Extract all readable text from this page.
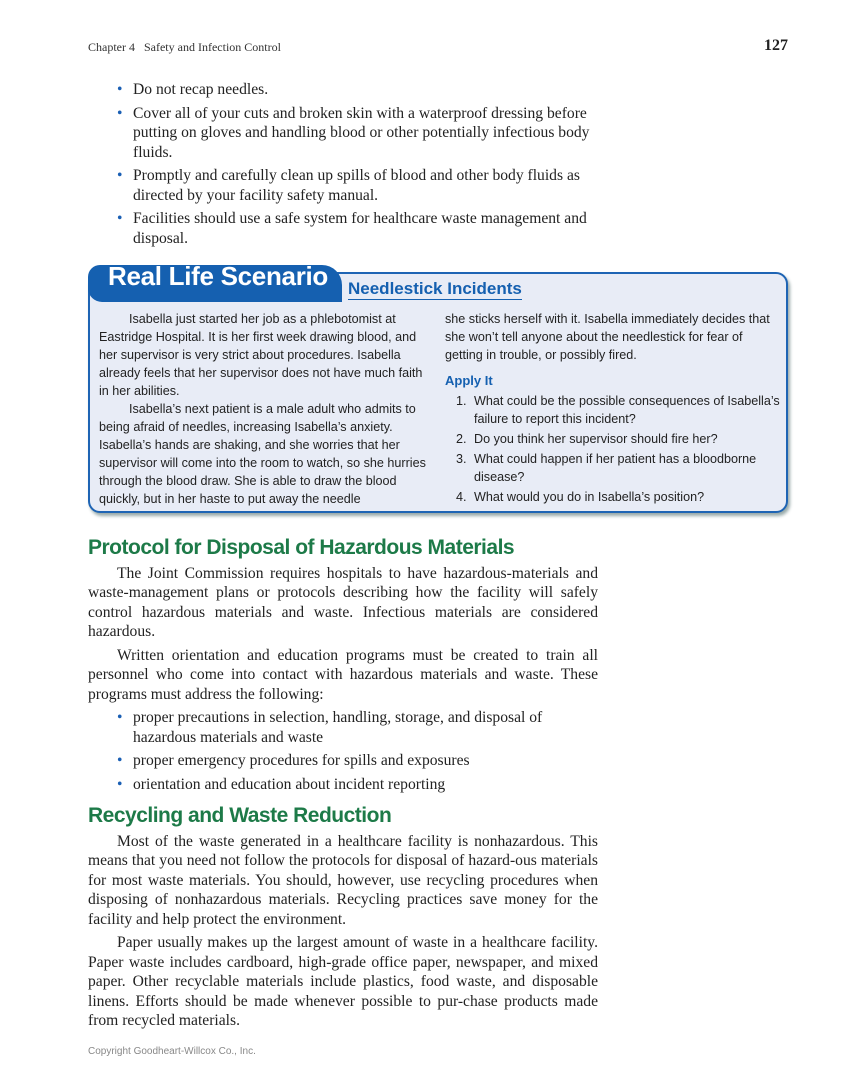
Chapter 4   Safety and Infection Control	127
• Do not recap needles.
• Cover all of your cuts and broken skin with a waterproof dressing before putting on gloves and handling blood or other potentially infectious body fluids.
• Promptly and carefully clean up spills of blood and other body fluids as directed by your facility safety manual.
• Facilities should use a safe system for healthcare waste management and disposal.
Real Life Scenario	Needlestick Incidents

Isabella just started her job as a phlebotomist at Eastridge Hospital. It is her first week drawing blood, and her supervisor is very strict about procedures. Isabella already feels that her supervisor does not have much faith in her abilities.

Isabella’s next patient is a male adult who admits to being afraid of needles, increasing Isabella’s anxiety. Isabella’s hands are shaking, and she worries that her supervisor will come into the room to watch, so she hurries through the blood draw. She is able to draw the blood quickly, but in her haste to put away the needle

she sticks herself with it. Isabella immediately decides that she won’t tell anyone about the needlestick for fear of getting in trouble, or possibly fired.

Apply It
1. What could be the possible consequences of Isabella’s failure to report this incident?
2. Do you think her supervisor should fire her?
3. What could happen if her patient has a bloodborne disease?
4. What would you do in Isabella’s position?
Protocol for Disposal of Hazardous Materials

The Joint Commission requires hospitals to have hazardous-materials and waste-management plans or protocols describing how the facility will safely control hazardous materials and waste. Infectious materials are considered hazardous.

Written orientation and education programs must be created to train all personnel who come into contact with hazardous materials and waste. These programs must address the following:

• proper precautions in selection, handling, storage, and disposal of hazardous materials and waste
• proper emergency procedures for spills and exposures
• orientation and education about incident reporting
Recycling and Waste Reduction

Most of the waste generated in a healthcare facility is nonhazardous. This means that you need not follow the protocols for disposal of hazard-ous materials for most waste materials. You should, however, use recycling procedures when disposing of nonhazardous materials. Recycling practices save money for the facility and help protect the environment.

Paper usually makes up the largest amount of waste in a healthcare facility. Paper waste includes cardboard, high-grade office paper, newspaper, and mixed paper. Other recyclable materials include plastics, food waste, and disposable linens. Efforts should be made whenever possible to pur-chase products made from recycled materials.

Copyright Goodheart-Willcox Co., Inc.
